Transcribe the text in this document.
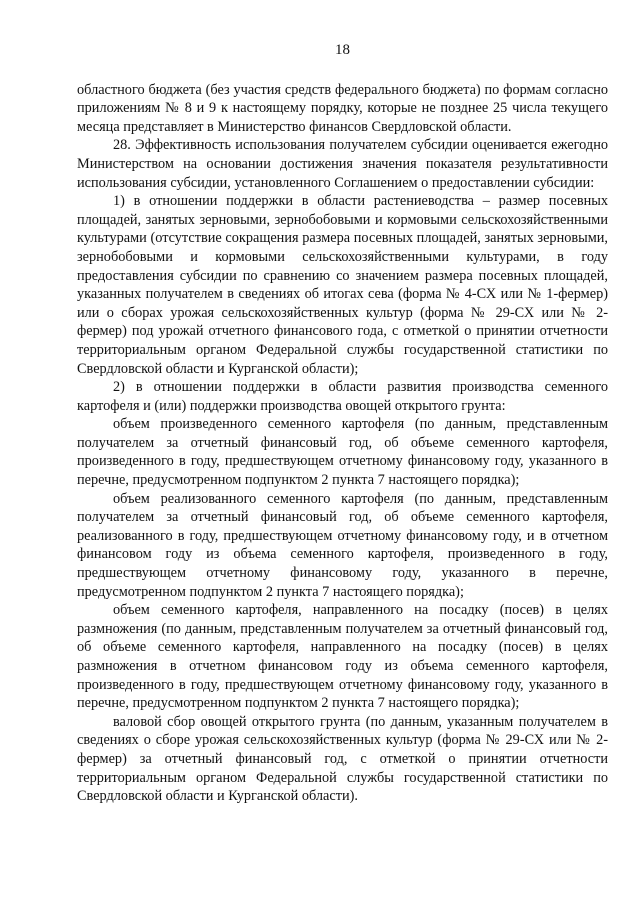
18

областного бюджета (без участия средств федерального бюджета) по формам согласно приложениям № 8 и 9 к настоящему порядку, которые не позднее 25 числа текущего месяца представляет в Министерство финансов Свердловской области.

28. Эффективность использования получателем субсидии оценивается ежегодно Министерством на основании достижения значения показателя результативности использования субсидии, установленного Соглашением о предоставлении субсидии:

1) в отношении поддержки в области растениеводства – размер посевных площадей, занятых зерновыми, зернобобовыми и кормовыми сельскохозяйственными культурами (отсутствие сокращения размера посевных площадей, занятых зерновыми, зернобобовыми и кормовыми сельскохозяйственными культурами, в году предоставления субсидии по сравнению со значением размера посевных площадей, указанных получателем в сведениях об итогах сева (форма № 4-СХ или № 1-фермер) или о сборах урожая сельскохозяйственных культур (форма № 29-СХ или № 2-фермер) под урожай отчетного финансового года, с отметкой о принятии отчетности территориальным органом Федеральной службы государственной статистики по Свердловской области и Курганской области);

2) в отношении поддержки в области развития производства семенного картофеля и (или) поддержки производства овощей открытого грунта:

объем произведенного семенного картофеля (по данным, представленным получателем за отчетный финансовый год, об объеме семенного картофеля, произведенного в году, предшествующем отчетному финансовому году, указанного в перечне, предусмотренном подпунктом 2 пункта 7 настоящего порядка);

объем реализованного семенного картофеля (по данным, представленным получателем за отчетный финансовый год, об объеме семенного картофеля, реализованного в году, предшествующем отчетному финансовому году, и в отчетном финансовом году из объема семенного картофеля, произведенного в году, предшествующем отчетному финансовому году, указанного в перечне, предусмотренном подпунктом 2 пункта 7 настоящего порядка);

объем семенного картофеля, направленного на посадку (посев) в целях размножения (по данным, представленным получателем за отчетный финансовый год, об объеме семенного картофеля, направленного на посадку (посев) в целях размножения в отчетном финансовом году из объема семенного картофеля, произведенного в году, предшествующем отчетному финансовому году, указанного в перечне, предусмотренном подпунктом 2 пункта 7 настоящего порядка);

валовой сбор овощей открытого грунта (по данным, указанным получателем в сведениях о сборе урожая сельскохозяйственных культур (форма № 29-СХ или № 2-фермер) за отчетный финансовый год, с отметкой о принятии отчетности территориальным органом Федеральной службы государственной статистики по Свердловской области и Курганской области).
